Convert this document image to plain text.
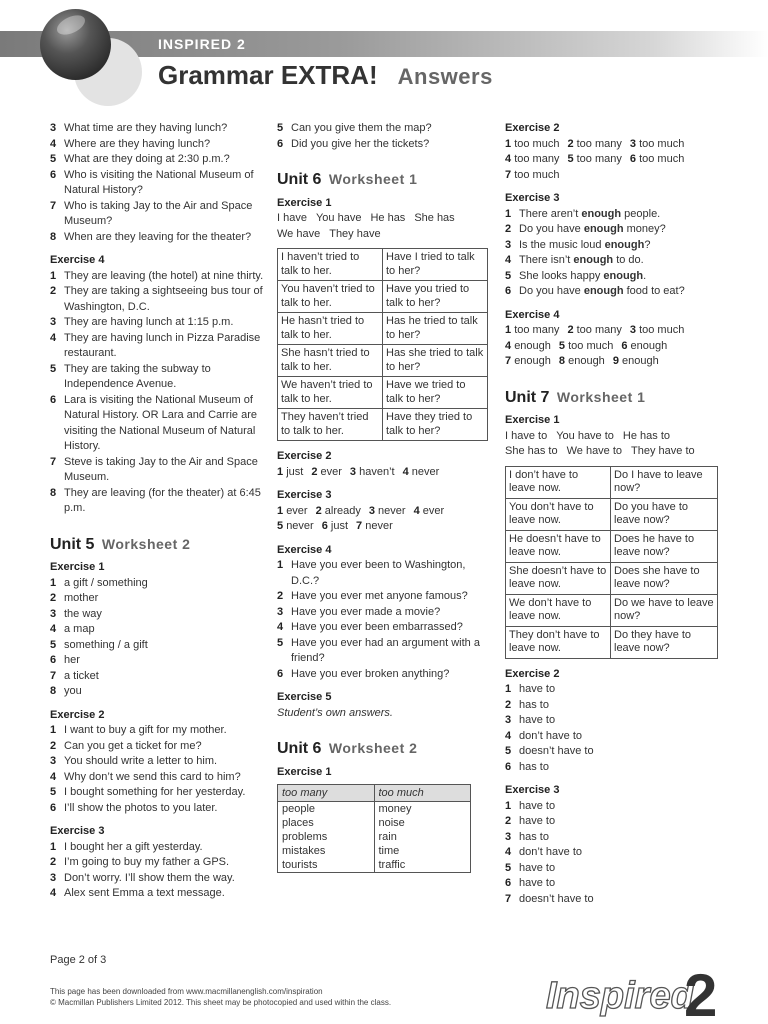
INSPIRED 2
Grammar EXTRA! Answers
3 What time are they having lunch?
4 Where are they having lunch?
5 What are they doing at 2:30 p.m.?
6 Who is visiting the National Museum of Natural History?
7 Who is taking Jay to the Air and Space Museum?
8 When are they leaving for the theater?
Exercise 4
1 They are leaving (the hotel) at nine thirty.
2 They are taking a sightseeing bus tour of Washington, D.C.
3 They are having lunch at 1:15 p.m.
4 They are having lunch in Pizza Paradise restaurant.
5 They are taking the subway to Independence Avenue.
6 Lara is visiting the National Museum of Natural History. OR Lara and Carrie are visiting the National Museum of Natural History.
7 Steve is taking Jay to the Air and Space Museum.
8 They are leaving (for the theater) at 6:45 p.m.
Unit 5 Worksheet 2
Exercise 1
1 a gift / something
2 mother
3 the way
4 a map
5 something / a gift
6 her
7 a ticket
8 you
Exercise 2
1 I want to buy a gift for my mother.
2 Can you get a ticket for me?
3 You should write a letter to him.
4 Why don’t we send this card to him?
5 I bought something for her yesterday.
6 I’ll show the photos to you later.
Exercise 3
1 I bought her a gift yesterday.
2 I’m going to buy my father a GPS.
3 Don’t worry. I’ll show them the way.
4 Alex sent Emma a text message.
5 Can you give them the map?
6 Did you give her the tickets?
Unit 6 Worksheet 1
Exercise 1
I have You have He has She has
We have They have
I haven’t tried to talk to her.	Have I tried to talk to her?
You haven’t tried to talk to her.	Have you tried to talk to her?
He hasn’t tried to talk to her.	Has he tried to talk to her?
She hasn’t tried to talk to her.	Has she tried to talk to her?
We haven’t tried to talk to her.	Have we tried to talk to her?
They haven’t tried to talk to her.	Have they tried to talk to her?
Exercise 2
1 just 2 ever 3 haven’t 4 never
Exercise 3
1 ever 2 already 3 never 4 ever
5 never 6 just 7 never
Exercise 4
1 Have you ever been to Washington, D.C.?
2 Have you ever met anyone famous?
3 Have you ever made a movie?
4 Have you ever been embarrassed?
5 Have you ever had an argument with a friend?
6 Have you ever broken anything?
Exercise 5
Student’s own answers.
Unit 6 Worksheet 2
Exercise 1
too many	too much
people	money
places	noise
problems	rain
mistakes	time
tourists	traffic
Exercise 2
1 too much 2 too many 3 too much
4 too many 5 too many 6 too much
7 too much
Exercise 3
1 There aren’t enough people.
2 Do you have enough money?
3 Is the music loud enough?
4 There isn’t enough to do.
5 She looks happy enough.
6 Do you have enough food to eat?
Exercise 4
1 too many 2 too many 3 too much
4 enough 5 too much 6 enough
7 enough 8 enough 9 enough
Unit 7 Worksheet 1
Exercise 1
I have to You have to He has to
She has to We have to They have to
I don’t have to leave now.	Do I have to leave now?
You don’t have to leave now.	Do you have to leave now?
He doesn’t have to leave now.	Does he have to leave now?
She doesn’t have to leave now.	Does she have to leave now?
We don’t have to leave now.	Do we have to leave now?
They don’t have to leave now.	Do they have to leave now?
Exercise 2
1 have to
2 has to
3 have to
4 don’t have to
5 doesn’t have to
6 has to
Exercise 3
1 have to
2 have to
3 has to
4 don’t have to
5 have to
6 have to
7 doesn’t have to
Page 2 of 3
This page has been downloaded from www.macmillanenglish.com/inspiration
© Macmillan Publishers Limited 2012. This sheet may be photocopied and used within the class.	Inspired
2
